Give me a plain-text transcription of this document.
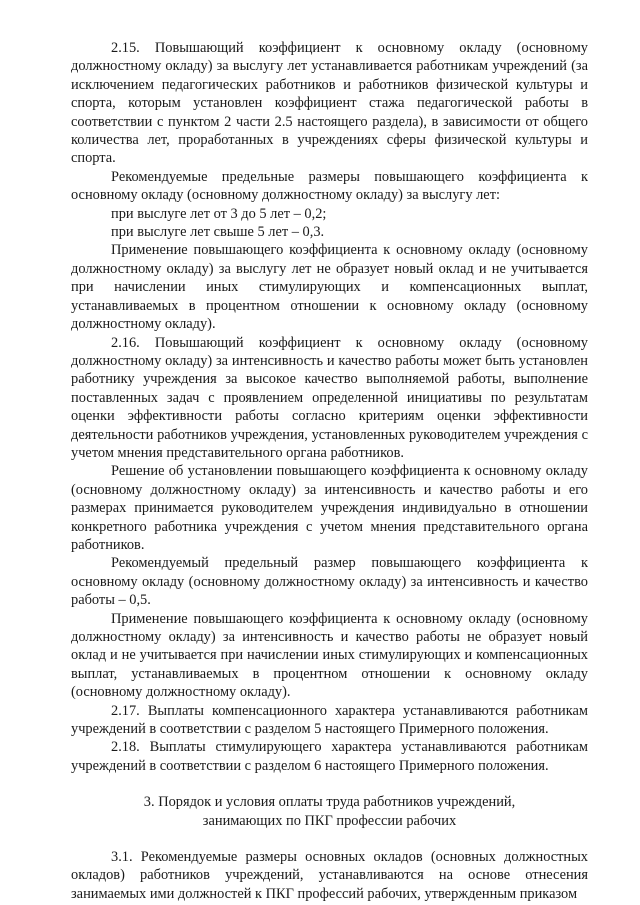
2.15. Повышающий коэффициент к основному окладу (основному должностному окладу) за выслугу лет устанавливается работникам учреждений (за исключением педагогических работников и работников физической культуры и спорта, которым установлен коэффициент стажа педагогической работы в соответствии с пунктом 2 части 2.5 настоящего раздела), в зависимости от общего количества лет, проработанных в учреждениях сферы физической культуры и спорта.

Рекомендуемые предельные размеры повышающего коэффициента к основному окладу (основному должностному окладу) за выслугу лет:

при выслуге лет от 3 до 5 лет – 0,2;

при выслуге лет свыше 5 лет – 0,3.

Применение повышающего коэффициента к основному окладу (основному должностному окладу) за выслугу лет не образует новый оклад и не учитывается при начислении иных стимулирующих и компенсационных выплат, устанавливаемых в процентном отношении к основному окладу (основному должностному окладу).

2.16. Повышающий коэффициент к основному окладу (основному должностному окладу) за интенсивность и качество работы может быть установлен работнику учреждения за высокое качество выполняемой работы, выполнение поставленных задач с проявлением определенной инициативы по результатам оценки эффективности работы согласно критериям оценки эффективности деятельности работников учреждения, установленных руководителем учреждения с учетом мнения представительного органа работников.

Решение об установлении повышающего коэффициента к основному окладу (основному должностному окладу) за интенсивность и качество работы и его размерах принимается руководителем учреждения индивидуально в отношении конкретного работника учреждения с учетом мнения представительного органа работников.

Рекомендуемый предельный размер повышающего коэффициента к основному окладу (основному должностному окладу) за интенсивность и качество работы – 0,5.

Применение повышающего коэффициента к основному окладу (основному должностному окладу) за интенсивность и качество работы не образует новый оклад и не учитывается при начислении иных стимулирующих и компенсационных выплат, устанавливаемых в процентном отношении к основному окладу (основному должностному окладу).

2.17. Выплаты компенсационного характера устанавливаются работникам учреждений в соответствии с разделом 5 настоящего Примерного положения.

2.18. Выплаты стимулирующего характера устанавливаются работникам учреждений в соответствии с разделом 6 настоящего Примерного положения.

3. Порядок и условия оплаты труда работников учреждений,

занимающих по ПКГ профессии рабочих

3.1. Рекомендуемые размеры основных окладов (основных должностных окладов) работников учреждений, устанавливаются на основе отнесения занимаемых ими должностей к ПКГ профессий рабочих, утвержденным приказом
